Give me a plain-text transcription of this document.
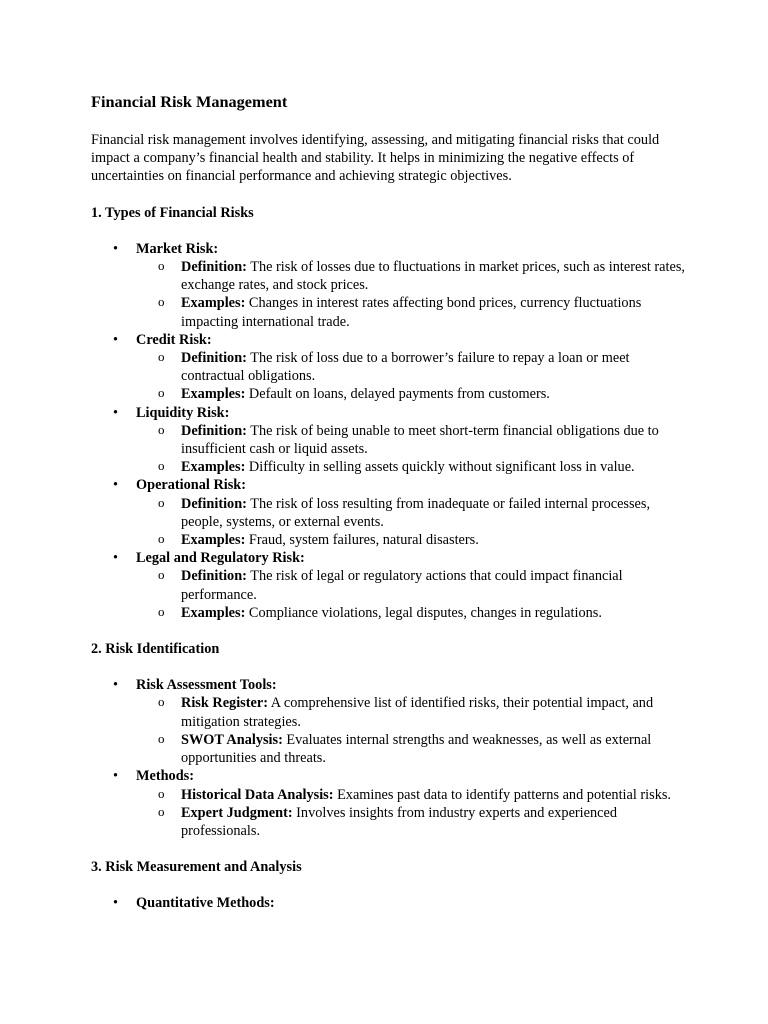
Financial Risk Management

Financial risk management involves identifying, assessing, and mitigating financial risks that could impact a company’s financial health and stability. It helps in minimizing the negative effects of uncertainties on financial performance and achieving strategic objectives.

1. Types of Financial Risks
• Market Risk:
o Definition: The risk of losses due to fluctuations in market prices, such as interest rates, exchange rates, and stock prices.
o Examples: Changes in interest rates affecting bond prices, currency fluctuations impacting international trade.
• Credit Risk:
o Definition: The risk of loss due to a borrower’s failure to repay a loan or meet contractual obligations.
o Examples: Default on loans, delayed payments from customers.
• Liquidity Risk:
o Definition: The risk of being unable to meet short-term financial obligations due to insufficient cash or liquid assets.
o Examples: Difficulty in selling assets quickly without significant loss in value.
• Operational Risk:
o Definition: The risk of loss resulting from inadequate or failed internal processes, people, systems, or external events.
o Examples: Fraud, system failures, natural disasters.
• Legal and Regulatory Risk:
o Definition: The risk of legal or regulatory actions that could impact financial performance.
o Examples: Compliance violations, legal disputes, changes in regulations.
2. Risk Identification
• Risk Assessment Tools:
o Risk Register: A comprehensive list of identified risks, their potential impact, and mitigation strategies.
o SWOT Analysis: Evaluates internal strengths and weaknesses, as well as external opportunities and threats.
• Methods:
o Historical Data Analysis: Examines past data to identify patterns and potential risks.
o Expert Judgment: Involves insights from industry experts and experienced professionals.
3. Risk Measurement and Analysis
• Quantitative Methods:
